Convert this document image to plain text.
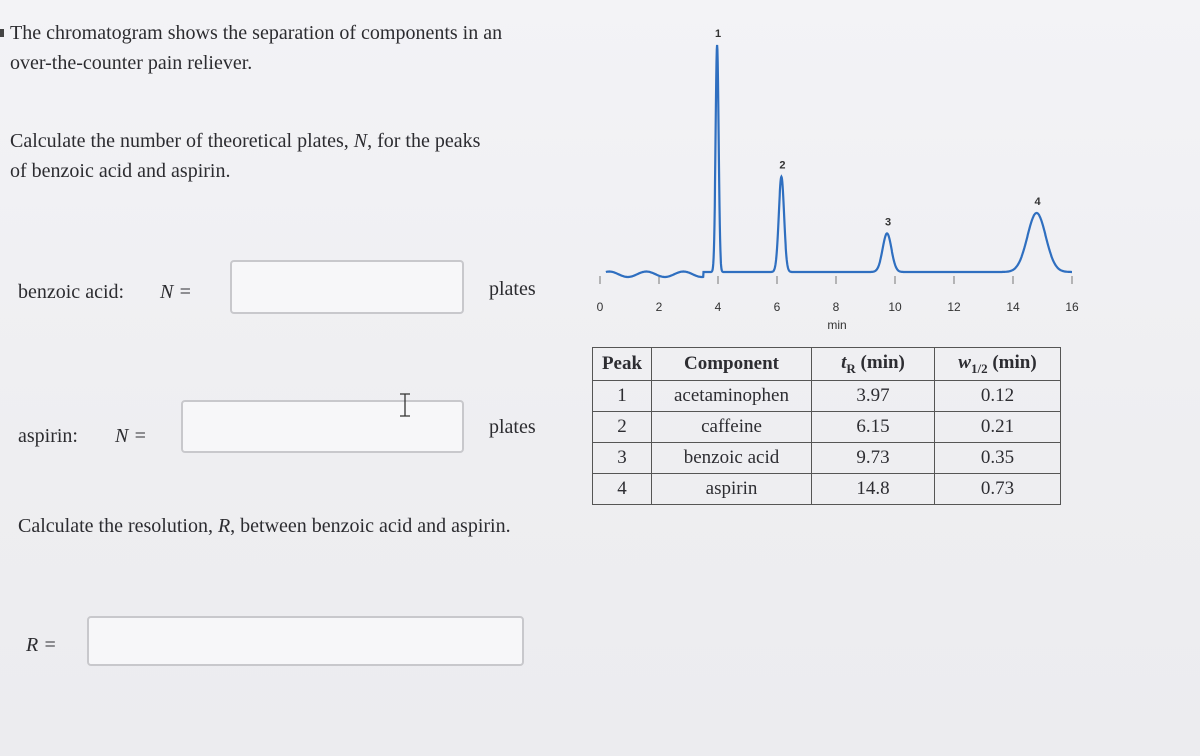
The chromatogram shows the separation of components in an
over-the-counter pain reliever.
Calculate the number of theoretical plates, N, for the peaks
of benzoic acid and aspirin.
benzoic acid: N =	plates
aspirin: N =	plates
Calculate the resolution, R, between benzoic acid and aspirin.
R =
1
2
3
4
0	2	4	6	8	10	12	14	16
min
Peak	Component	$t_R$ (min)	$w_{1/2}$ (min)
1	acetaminophen	3.97	0.12
2	caffeine	6.15	0.21
3	benzoic acid	9.73	0.35
4	aspirin	14.8	0.73
